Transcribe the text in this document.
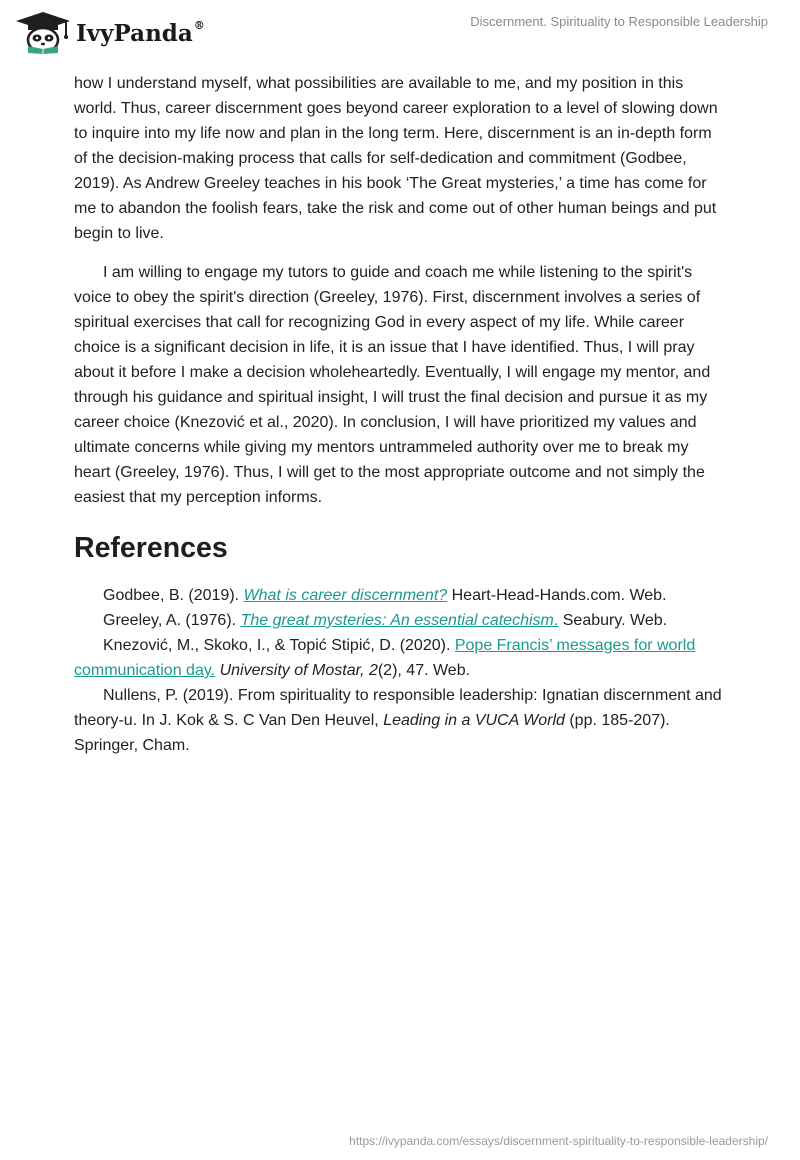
IvyPanda®	Discernment. Spirituality to Responsible Leadership

how I understand myself, what possibilities are available to me, and my position in this world. Thus, career discernment goes beyond career exploration to a level of slowing down to inquire into my life now and plan in the long term. Here, discernment is an in-depth form of the decision-making process that calls for self-dedication and commitment (Godbee, 2019). As Andrew Greeley teaches in his book ‘The Great mysteries,’ a time has come for me to abandon the foolish fears, take the risk and come out of other human beings and put begin to live.

I am willing to engage my tutors to guide and coach me while listening to the spirit's voice to obey the spirit's direction (Greeley, 1976). First, discernment involves a series of spiritual exercises that call for recognizing God in every aspect of my life. While career choice is a significant decision in life, it is an issue that I have identified. Thus, I will pray about it before I make a decision wholeheartedly. Eventually, I will engage my mentor, and through his guidance and spiritual insight, I will trust the final decision and pursue it as my career choice (Knezović et al., 2020). In conclusion, I will have prioritized my values and ultimate concerns while giving my mentors untrammeled authority over me to break my heart (Greeley, 1976). Thus, I will get to the most appropriate outcome and not simply the easiest that my perception informs.

References

Godbee, B. (2019). What is career discernment? Heart-Head-Hands.com. Web.

Greeley, A. (1976). The great mysteries: An essential catechism. Seabury. Web.

Knezović, M., Skoko, I., & Topić Stipić, D. (2020). Pope Francis’ messages for world communication day. University of Mostar, 2(2), 47. Web.

Nullens, P. (2019). From spirituality to responsible leadership: Ignatian discernment and theory-u. In J. Kok & S. C Van Den Heuvel, Leading in a VUCA World (pp. 185-207). Springer, Cham.

https://ivypanda.com/essays/discernment-spirituality-to-responsible-leadership/
